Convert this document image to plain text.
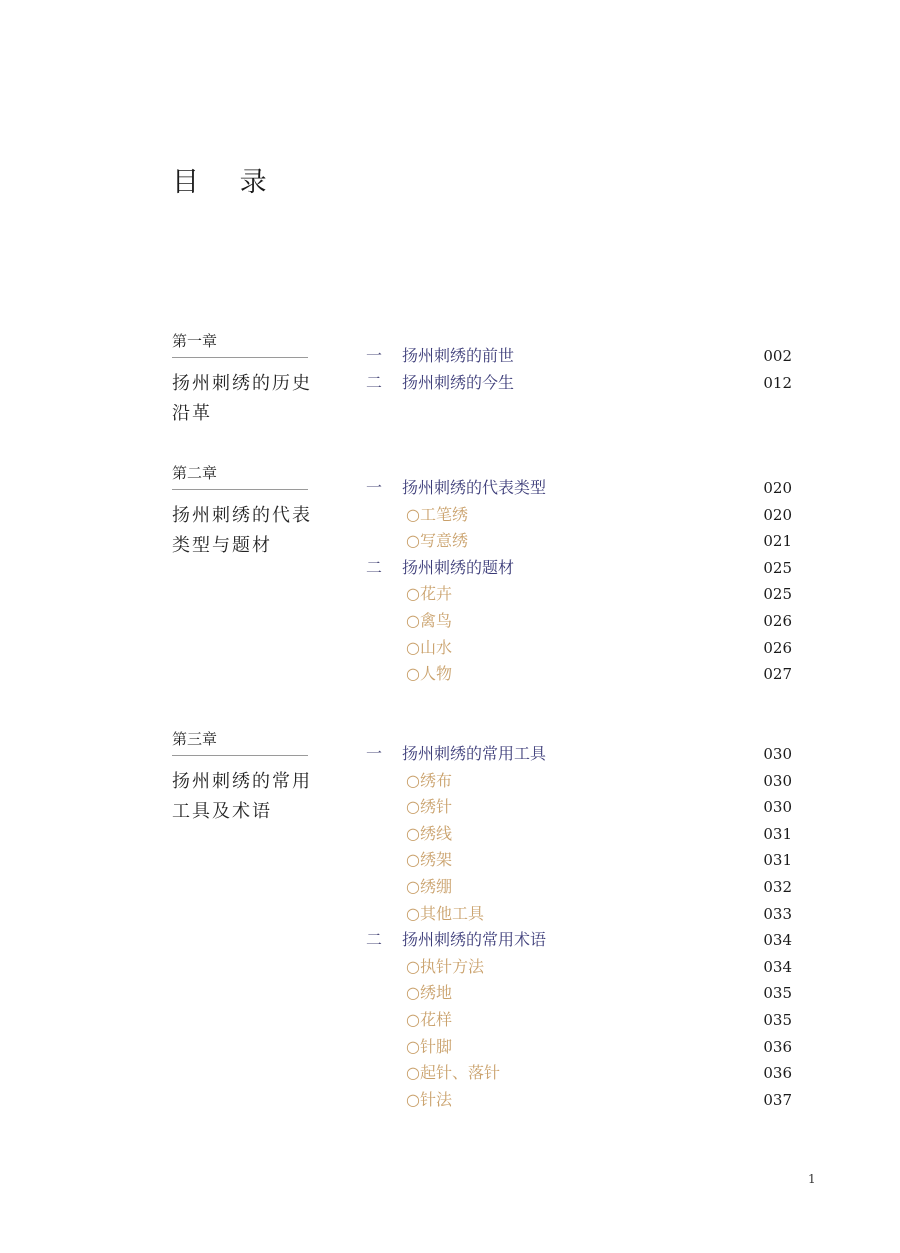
目 录
第一章
扬州刺绣的历史
沿革
一 扬州刺绣的前世	002
二 扬州刺绣的今生	012
第二章
扬州刺绣的代表
类型与题材
一 扬州刺绣的代表类型	020
○工笔绣	020
○写意绣	021
二 扬州刺绣的题材	025
○花卉	025
○禽鸟	026
○山水	026
○人物	027
第三章
扬州刺绣的常用
工具及术语
一 扬州刺绣的常用工具	030
○绣布	030
○绣针	030
○绣线	031
○绣架	031
○绣绷	032
○其他工具	033
二 扬州刺绣的常用术语	034
○执针方法	034
○绣地	035
○花样	035
○针脚	036
○起针、落针	036
○针法	037
1
